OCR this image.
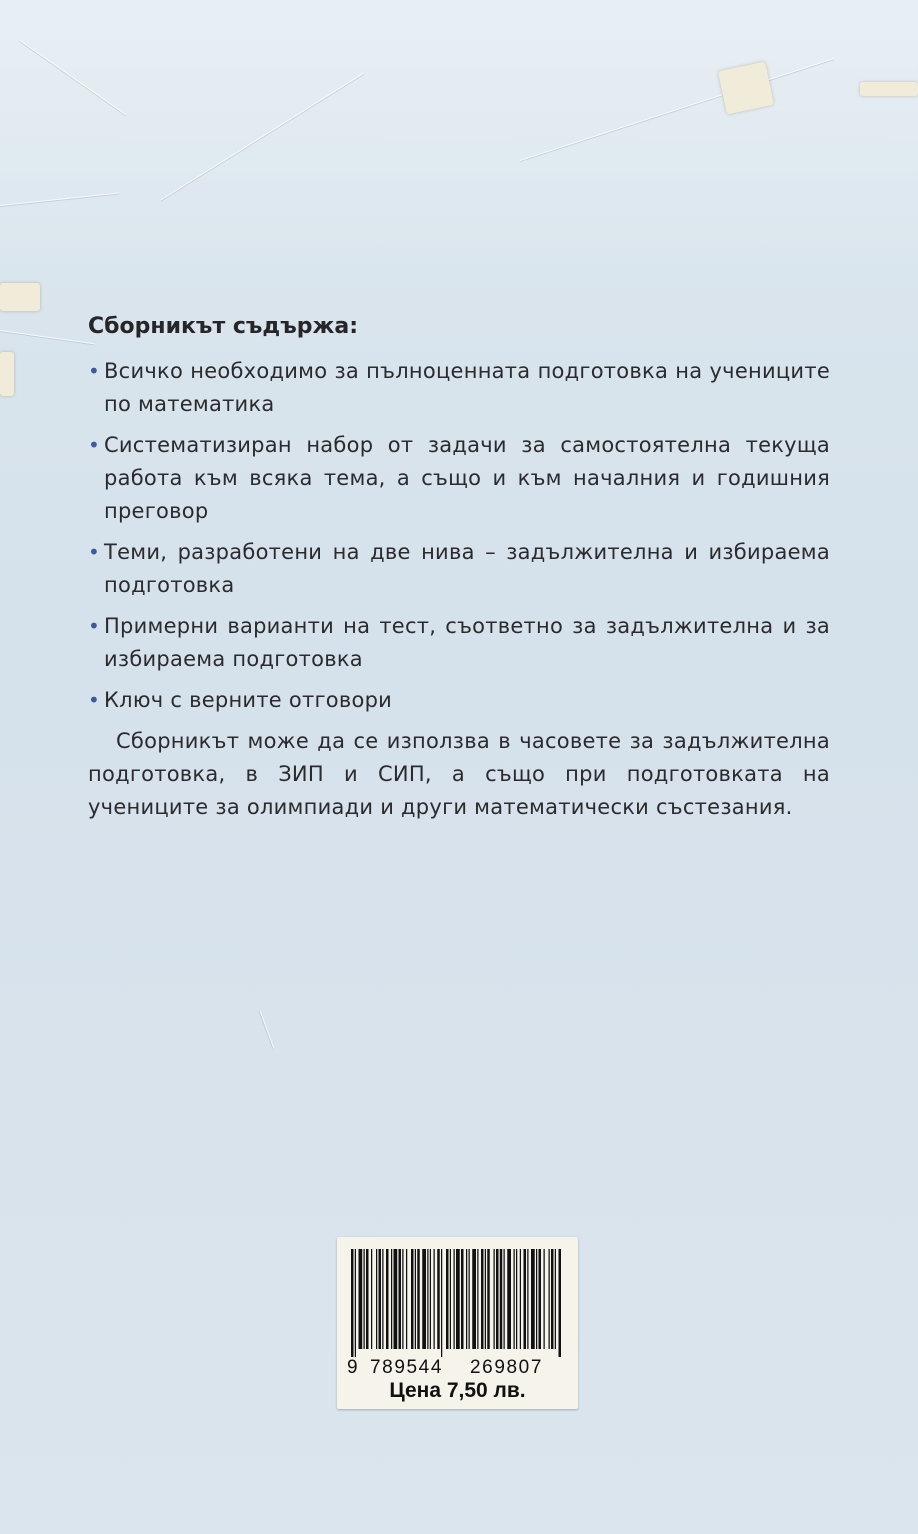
Сборникът съдържа:
• Всичко необходимо за пълноценната подготовка на учениците по математика
• Систематизиран набор от задачи за самостоятелна текуща работа към всяка тема, а също и към началния и годишния преговор
• Теми, разработени на две нива – задължителна и избираема подготовка
• Примерни варианти на тест, съответно за задължителна и за избираема подготовка
• Ключ с верните отговори

Сборникът може да се използва в часовете за задължителна подготовка, в ЗИП и СИП, а също при подготовката на учениците за олимпиади и други математически състезания.

9 789544 269807
Цена 7,50 лв.
